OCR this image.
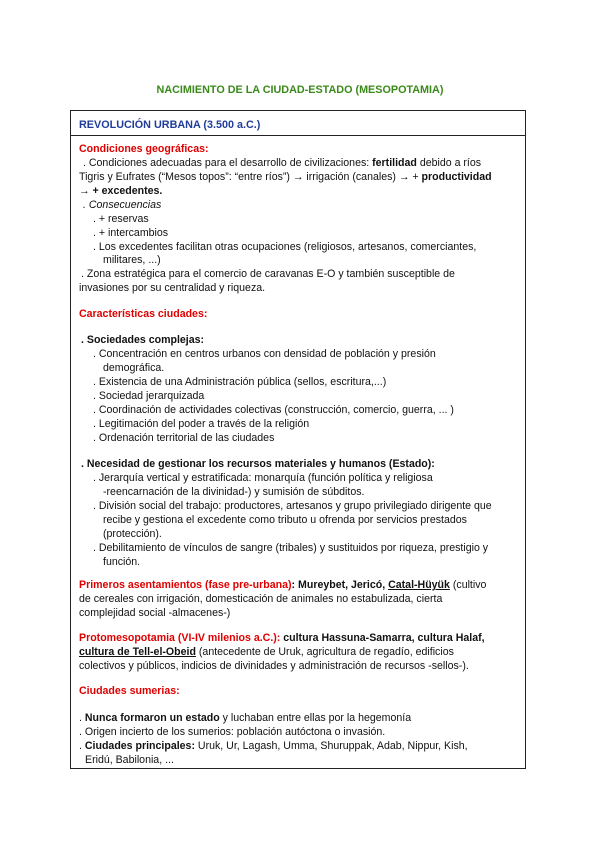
NACIMIENTO DE LA CIUDAD-ESTADO (MESOPOTAMIA)
REVOLUCIÓN URBANA (3.500 a.C.)
Condiciones geográficas:
. Condiciones adecuadas para el desarrollo de civilizaciones: fertilidad debido a ríos
Tigris y Eufrates (“Mesos topos”: “entre ríos”) → irrigación (canales) → + productividad
→ + excedentes.
. Consecuencias
. + reservas
. + intercambios
. Los excedentes facilitan otras ocupaciones (religiosos, artesanos, comerciantes,
militares, ...)
. Zona estratégica para el comercio de caravanas E-O y también susceptible de
invasiones por su centralidad y riqueza.
Características ciudades:
. Sociedades complejas:
. Concentración en centros urbanos con densidad de población y presión
demográfica.
. Existencia de una Administración pública (sellos, escritura,...)
. Sociedad jerarquizada
. Coordinación de actividades colectivas (construcción, comercio, guerra, ... )
. Legitimación del poder a través de la religión
. Ordenación territorial de las ciudades
. Necesidad de gestionar los recursos materiales y humanos (Estado):
. Jerarquía vertical y estratificada: monarquía (función política y religiosa
-reencarnación de la divinidad-) y sumisión de súbditos.
. División social del trabajo: productores, artesanos y grupo privilegiado dirigente que
recibe y gestiona el excedente como tributo u ofrenda por servicios prestados
(protección).
. Debilitamiento de vínculos de sangre (tribales) y sustituidos por riqueza, prestigio y
función.
Primeros asentamientos (fase pre-urbana): Mureybet, Jericó, Catal-Hüyük (cultivo
de cereales con irrigación, domesticación de animales no estabulizada, cierta
complejidad social -almacenes-)
Protomesopotamia (VI-IV milenios a.C.): cultura Hassuna-Samarra, cultura Halaf,
cultura de Tell-el-Obeid (antecedente de Uruk, agricultura de regadío, edificios
colectivos y públicos, indicios de divinidades y administración de recursos -sellos-).
Ciudades sumerias:
. Nunca formaron un estado y luchaban entre ellas por la hegemonía
. Origen incierto de los sumerios: población autóctona o invasión.
. Ciudades principales: Uruk, Ur, Lagash, Umma, Shuruppak, Adab, Nippur, Kish,
Eridú, Babilonia, ...
